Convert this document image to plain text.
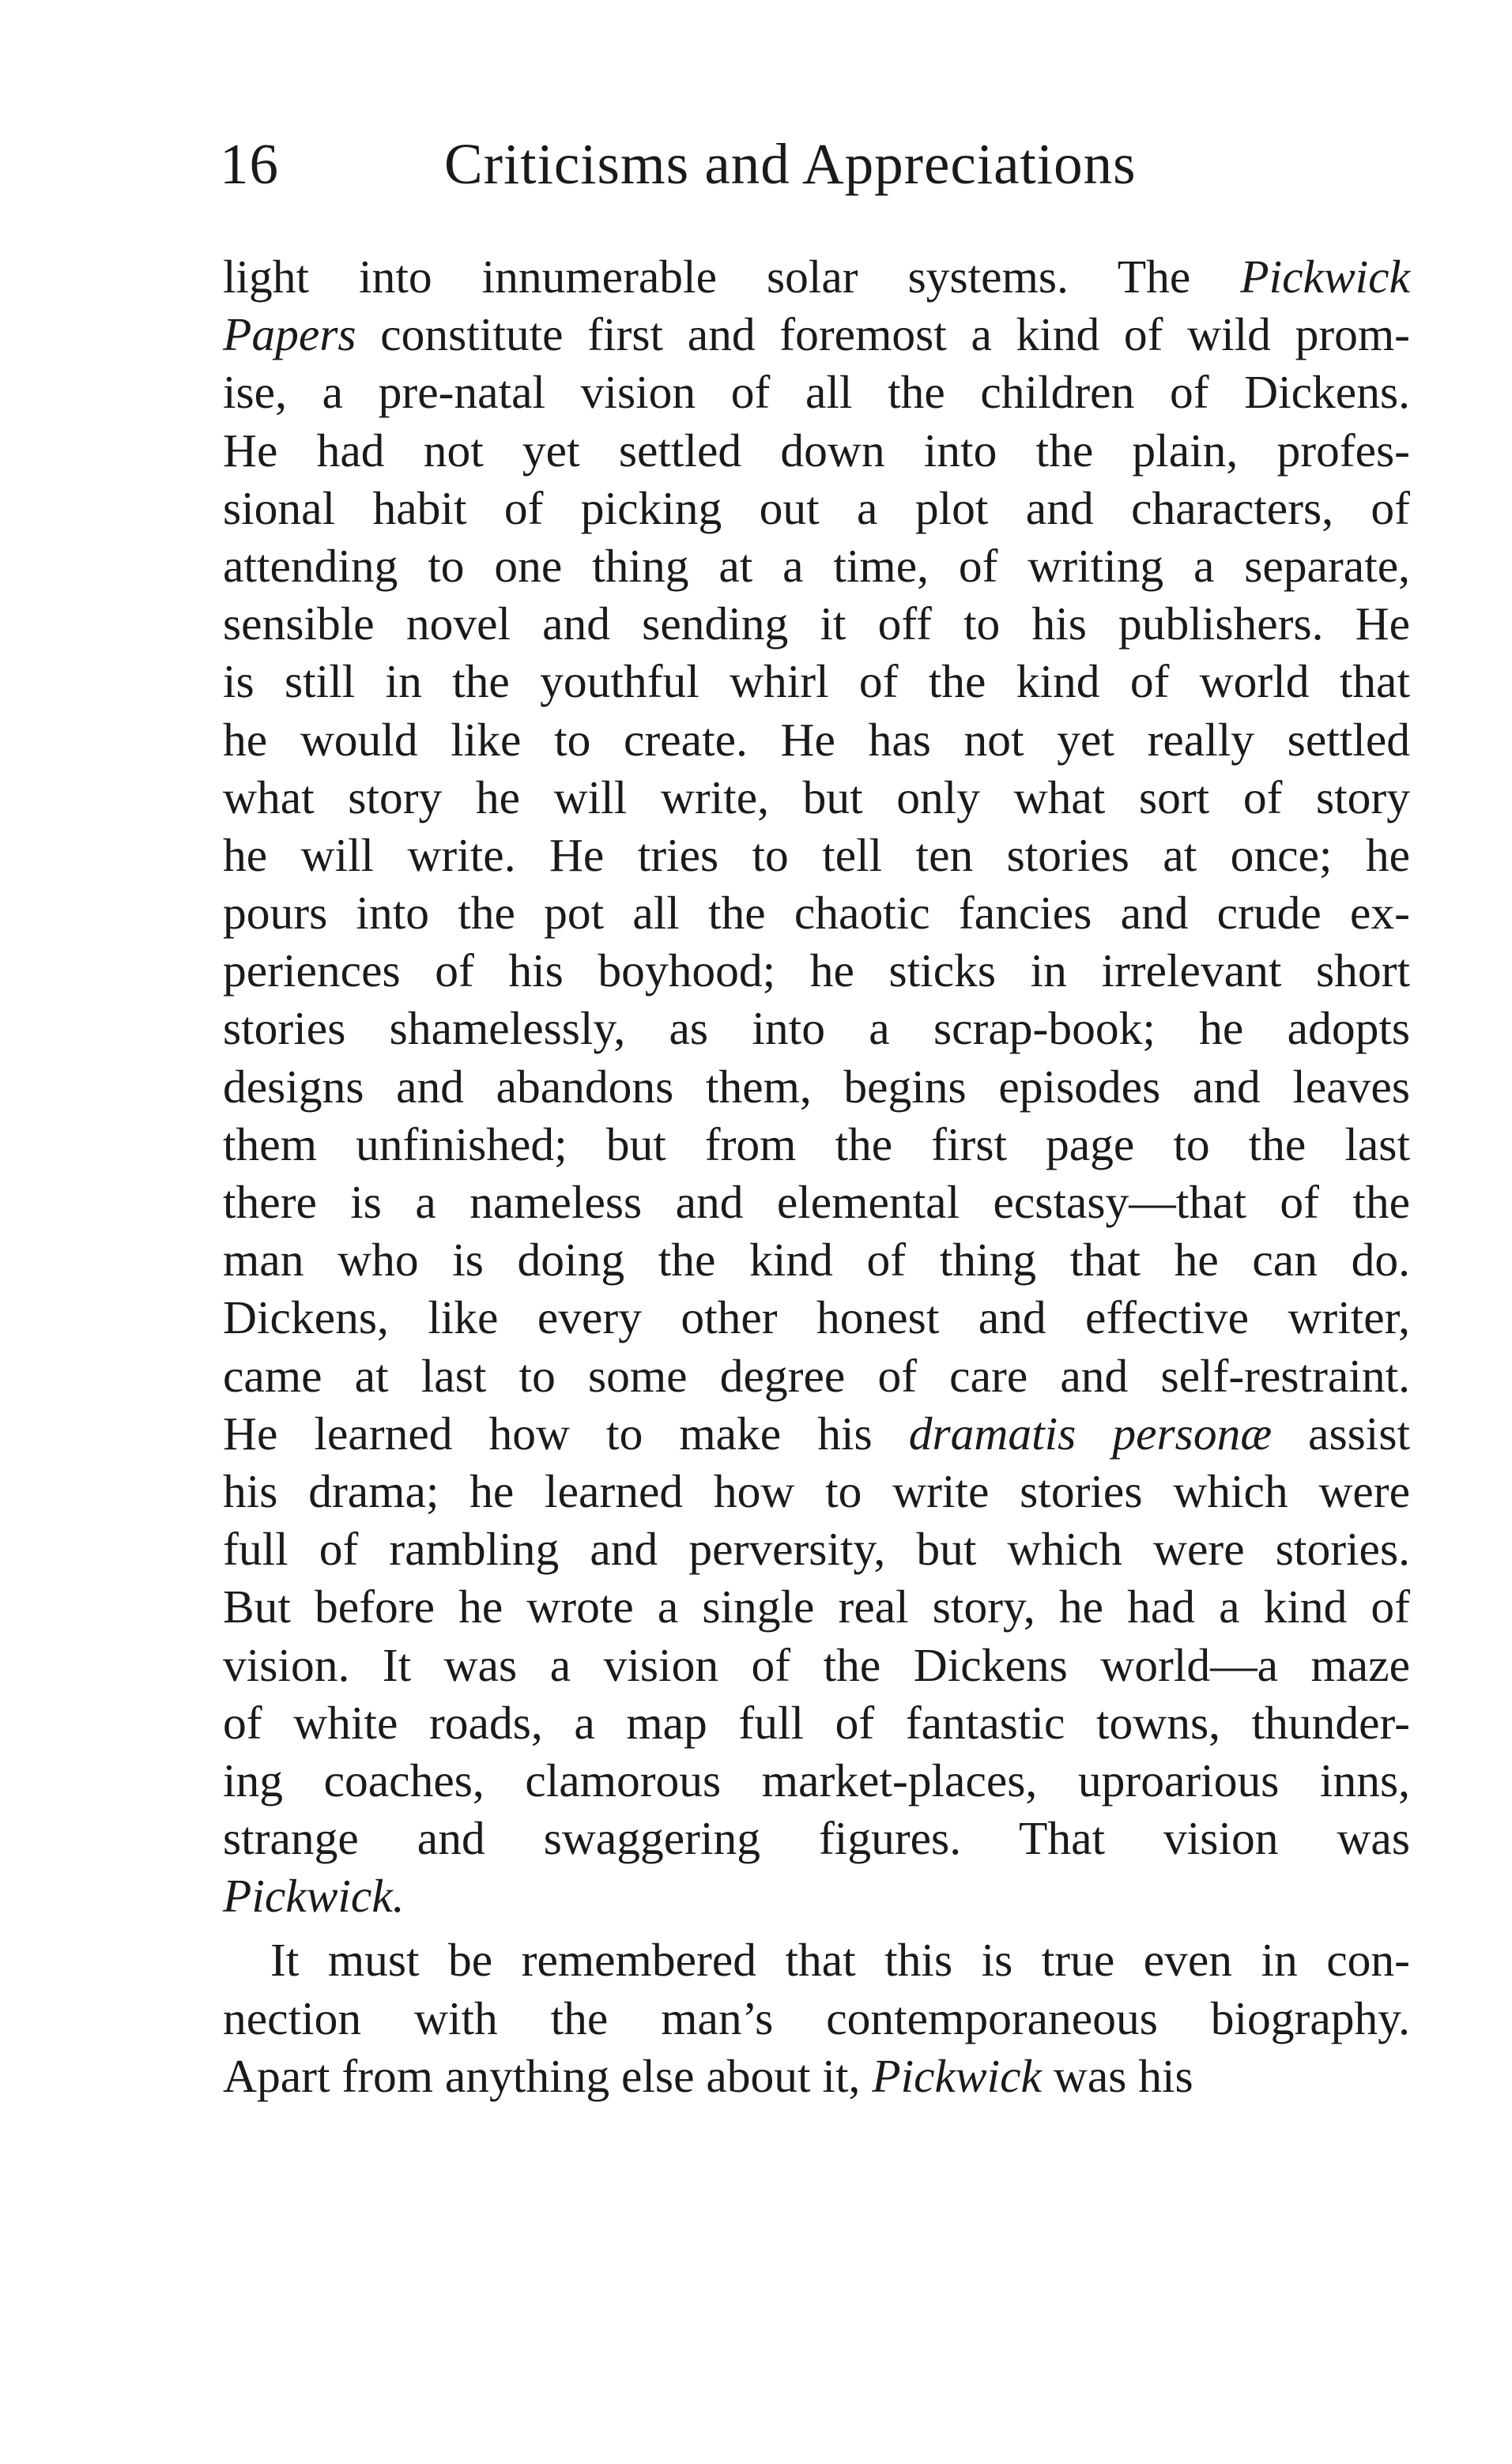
16	Criticisms and Appreciations
light into innumerable solar systems. The Pickwick
Papers constitute first and foremost a kind of wild prom-
ise, a pre-natal vision of all the children of Dickens.
He had not yet settled down into the plain, profes-
sional habit of picking out a plot and characters, of
attending to one thing at a time, of writing a separate,
sensible novel and sending it off to his publishers. He
is still in the youthful whirl of the kind of world that
he would like to create. He has not yet really settled
what story he will write, but only what sort of story
he will write. He tries to tell ten stories at once; he
pours into the pot all the chaotic fancies and crude ex-
periences of his boyhood; he sticks in irrelevant short
stories shamelessly, as into a scrap-book; he adopts
designs and abandons them, begins episodes and leaves
them unfinished; but from the first page to the last
there is a nameless and elemental ecstasy—that of the
man who is doing the kind of thing that he can do.
Dickens, like every other honest and effective writer,
came at last to some degree of care and self-restraint.
He learned how to make his dramatis personæ assist
his drama; he learned how to write stories which were
full of rambling and perversity, but which were stories.
But before he wrote a single real story, he had a kind of
vision. It was a vision of the Dickens world—a maze
of white roads, a map full of fantastic towns, thunder-
ing coaches, clamorous market-places, uproarious inns,
strange and swaggering figures. That vision was
Pickwick.
It must be remembered that this is true even in con-
nection with the man’s contemporaneous biography.
Apart from anything else about it, Pickwick was his
